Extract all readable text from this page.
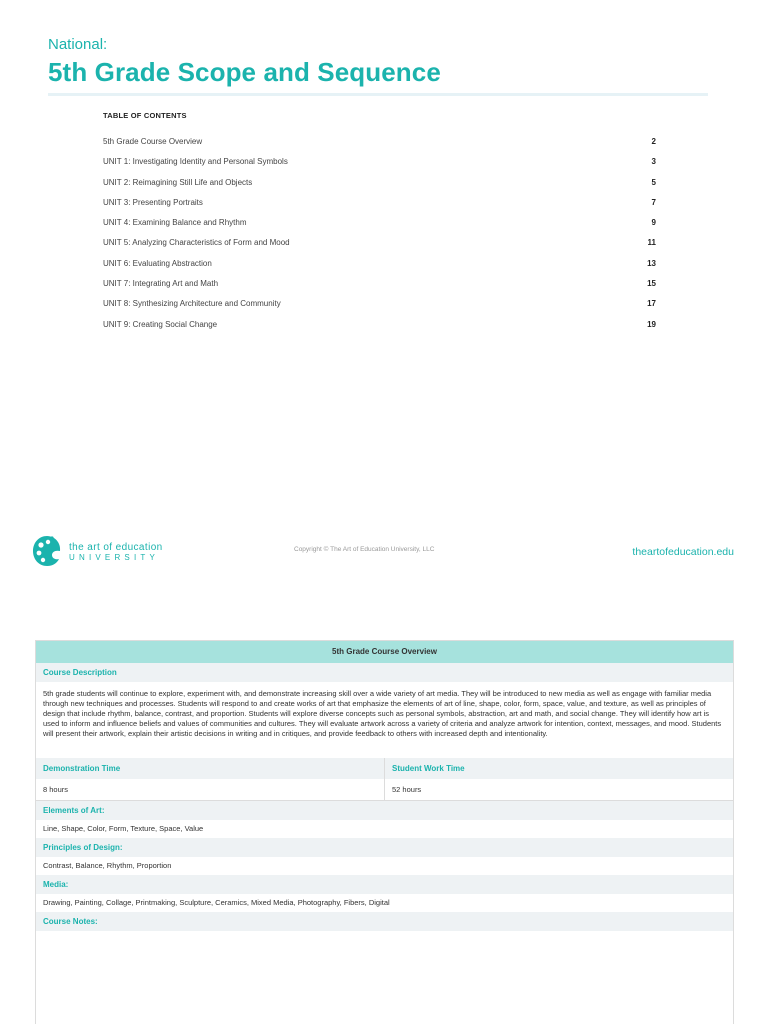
National:
5th Grade Scope and Sequence
TABLE OF CONTENTS
5th Grade Course Overview	2
UNIT 1: Investigating Identity and Personal Symbols	3
UNIT 2: Reimagining Still Life and Objects	5
UNIT 3: Presenting Portraits	7
UNIT 4: Examining Balance and Rhythm	9
UNIT 5: Analyzing Characteristics of Form and Mood	11
UNIT 6: Evaluating Abstraction	13
UNIT 7: Integrating Art and Math	15
UNIT 8: Synthesizing Architecture and Community	17
UNIT 9: Creating Social Change	19
the art of education
UNIVERSITY
Copyright © The Art of Education University, LLC	theartofeducation.edu
5th Grade Course Overview
Course Description
5th grade students will continue to explore, experiment with, and demonstrate increasing skill over a wide variety of art media. They will be introduced to new media as well as engage with familiar media through new techniques and processes. Students will respond to and create works of art that emphasize the elements of art of line, shape, color, form, space, value, and texture, as well as principles of design that include rhythm, balance, contrast, and proportion. Students will explore diverse concepts such as personal symbols, abstraction, art and math, and social change. They will identify how art is used to inform and influence beliefs and values of communities and cultures. They will evaluate artwork across a variety of criteria and analyze artwork for intention, context, messages, and mood. Students will present their artwork, explain their artistic decisions in writing and in critiques, and provide feedback to others with increased depth and intentionality.
Demonstration Time
8 hours
Student Work Time
52 hours
Elements of Art:
Line, Shape, Color, Form, Texture, Space, Value
Principles of Design:
Contrast, Balance, Rhythm, Proportion
Media:
Drawing, Painting, Collage, Printmaking, Sculpture, Ceramics, Mixed Media, Photography, Fibers, Digital
Course Notes:
